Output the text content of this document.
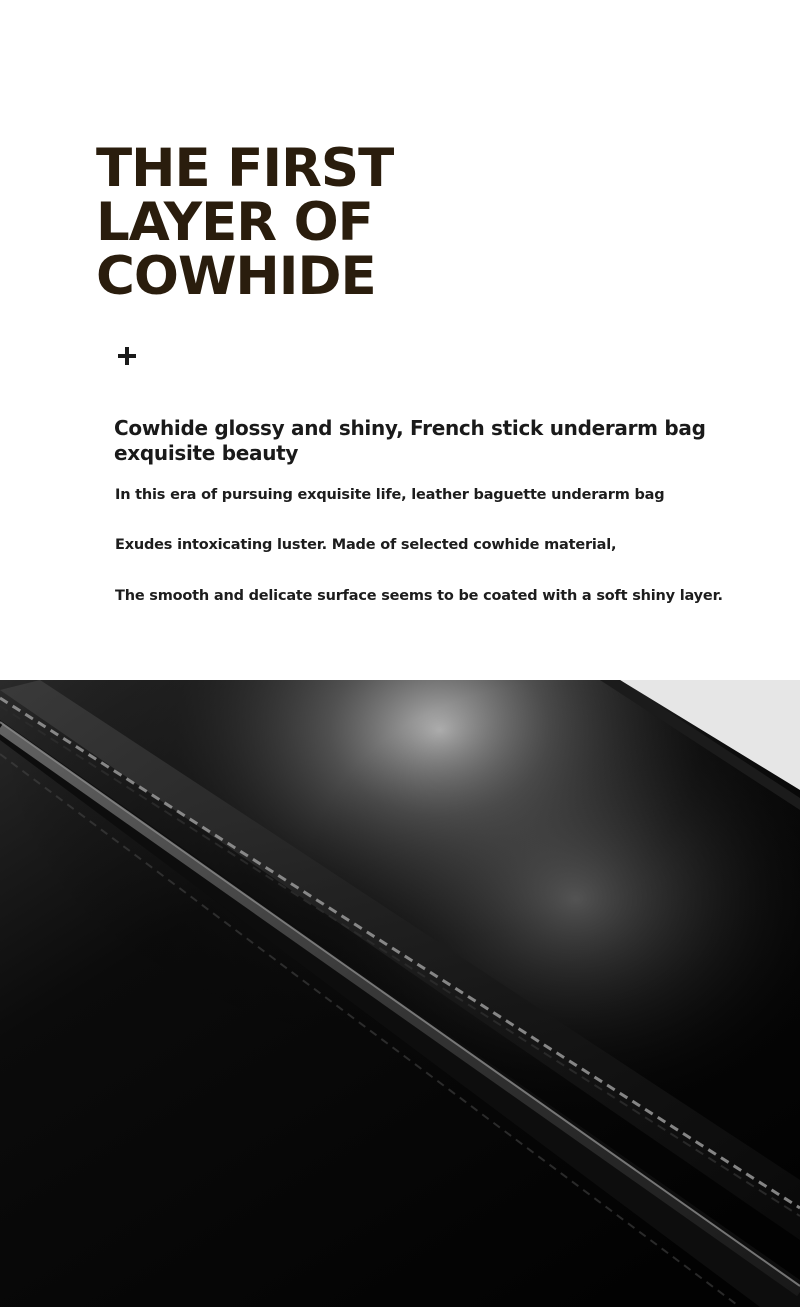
THE FIRST
LAYER OF
COWHIDE
Cowhide glossy and shiny, French stick underarm bag exquisite beauty

In this era of pursuing exquisite life, leather baguette underarm bag

Exudes intoxicating luster. Made of selected cowhide material,

The smooth and delicate surface seems to be coated with a soft shiny layer.
